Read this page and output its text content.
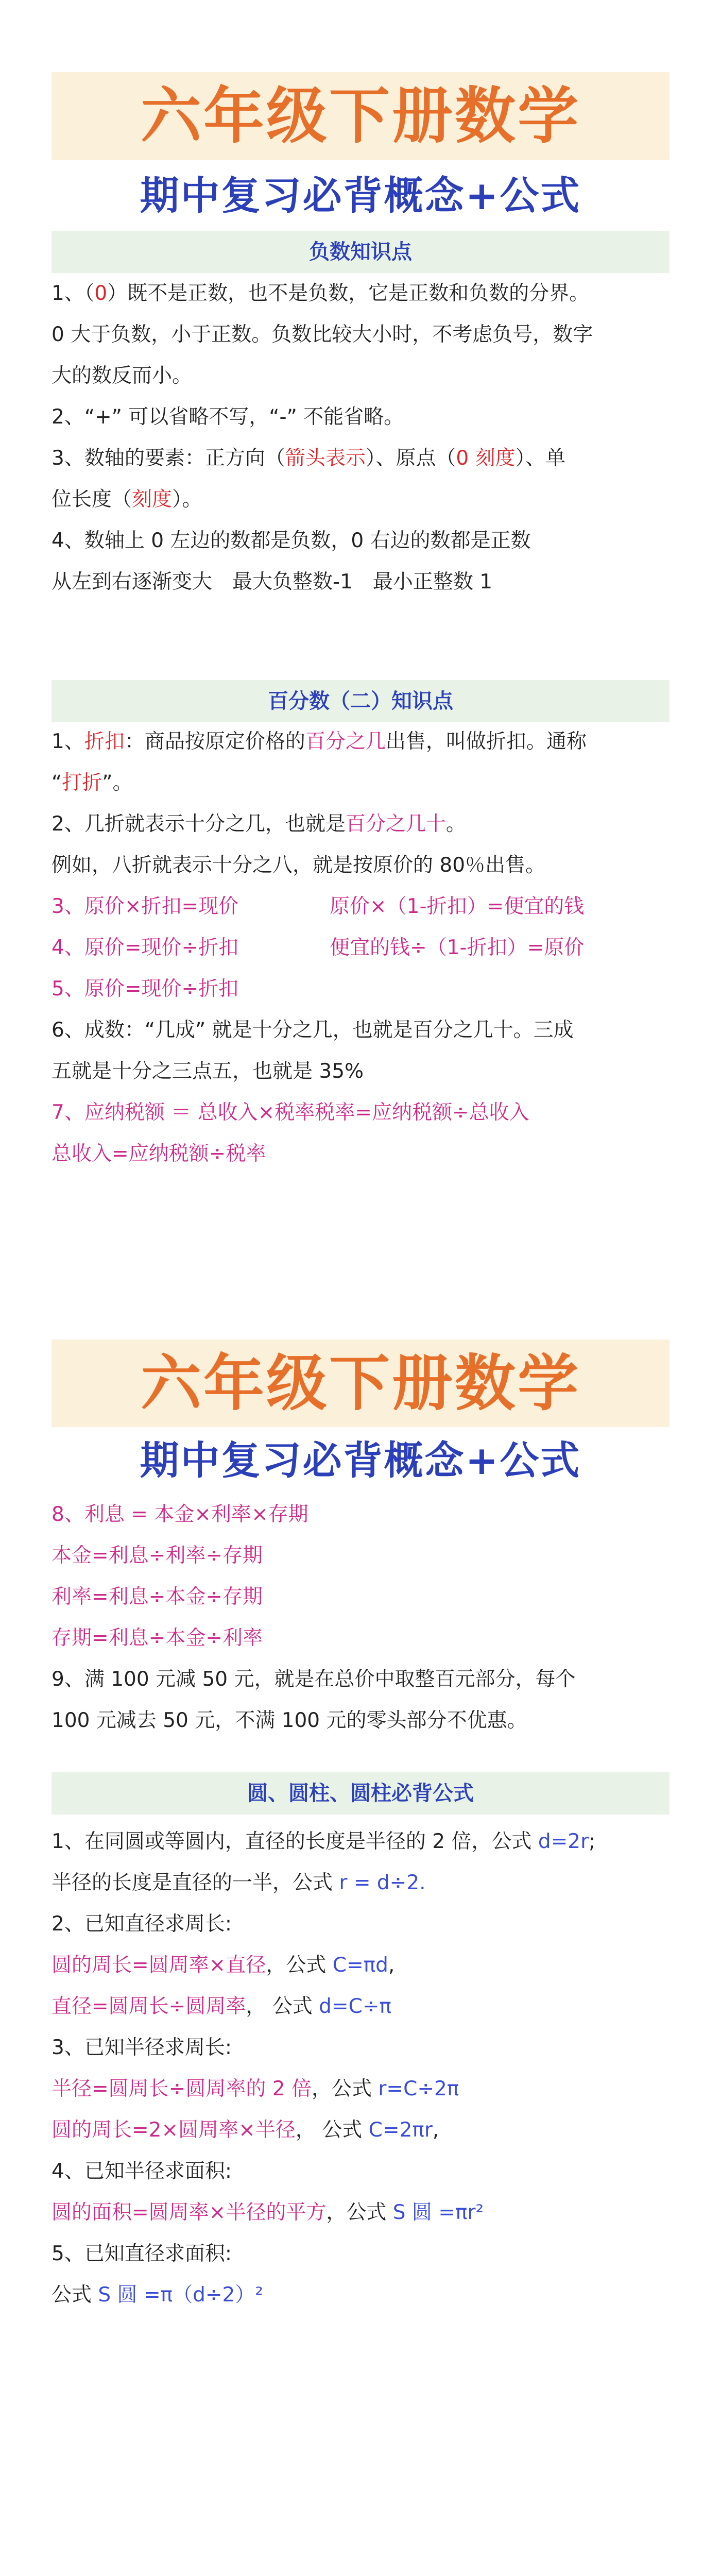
六年级下册数学
期中复习必背概念+公式
负数知识点
1、（0）既不是正数，也不是负数，它是正数和负数的分界。
0 大于负数，小于正数。负数比较大小时，不考虑负号，数字
大的数反而小。
2、“+” 可以省略不写，“-” 不能省略。
3、数轴的要素：正方向（箭头表示）、原点（0 刻度）、单
位长度（刻度）。
4、数轴上 0 左边的数都是负数，0 右边的数都是正数
从左到右逐渐变大　最大负整数-1　最小正整数 1
百分数（二）知识点
1、折扣：商品按原定价格的百分之几出售，叫做折扣。通称
“打折”。
2、几折就表示十分之几，也就是百分之几十。
例如，八折就表示十分之八，就是按原价的 80％出售。
3、原价×折扣=现价	原价×（1-折扣）=便宜的钱
4、原价=现价÷折扣	便宜的钱÷（1-折扣）=原价
5、原价=现价÷折扣
6、成数：“几成” 就是十分之几，也就是百分之几十。三成
五就是十分之三点五，也就是 35%
7、应纳税额 ＝ 总收入×税率税率=应纳税额÷总收入
总收入=应纳税额÷税率
六年级下册数学
期中复习必背概念+公式
8、利息 = 本金×利率×存期
本金=利息÷利率÷存期
利率=利息÷本金÷存期
存期=利息÷本金÷利率
9、满 100 元减 50 元，就是在总价中取整百元部分，每个
100 元减去 50 元，不满 100 元的零头部分不优惠。
圆、圆柱、圆柱必背公式
1、在同圆或等圆内，直径的长度是半径的 2 倍，公式 d=2r;
半径的长度是直径的一半，公式 r = d÷2.
2、已知直径求周长:
圆的周长=圆周率×直径，公式 C=πd,
直径=圆周长÷圆周率， 公式 d=C÷π
3、已知半径求周长:
半径=圆周长÷圆周率的 2 倍，公式 r=C÷2π
圆的周长=2×圆周率×半径， 公式 C=2πr,
4、已知半径求面积:
圆的面积=圆周率×半径的平方，公式 S 圆 =πr²
5、已知直径求面积:
公式 S 圆 =π（d÷2）²
